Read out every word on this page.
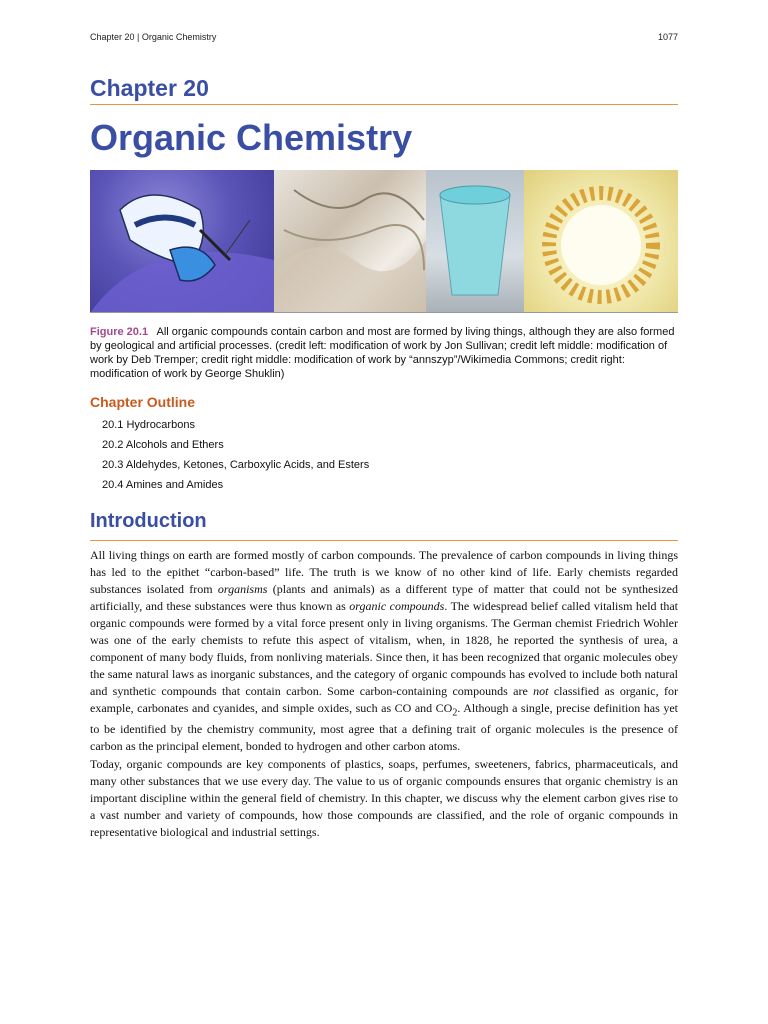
Chapter 20 | Organic Chemistry	1077
Chapter 20
Organic Chemistry
Figure 20.1 All organic compounds contain carbon and most are formed by living things, although they are also formed by geological and artificial processes. (credit left: modification of work by Jon Sullivan; credit left middle: modification of work by Deb Tremper; credit right middle: modification of work by “annszyp”/Wikimedia Commons; credit right: modification of work by George Shuklin)
Chapter Outline
20.1 Hydrocarbons
20.2 Alcohols and Ethers
20.3 Aldehydes, Ketones, Carboxylic Acids, and Esters
20.4 Amines and Amides
Introduction

All living things on earth are formed mostly of carbon compounds. The prevalence of carbon compounds in living things has led to the epithet “carbon-based” life. The truth is we know of no other kind of life. Early chemists regarded substances isolated from organisms (plants and animals) as a different type of matter that could not be synthesized artificially, and these substances were thus known as organic compounds. The widespread belief called vitalism held that organic compounds were formed by a vital force present only in living organisms. The German chemist Friedrich Wohler was one of the early chemists to refute this aspect of vitalism, when, in 1828, he reported the synthesis of urea, a component of many body fluids, from nonliving materials. Since then, it has been recognized that organic molecules obey the same natural laws as inorganic substances, and the category of organic compounds has evolved to include both natural and synthetic compounds that contain carbon. Some carbon-containing compounds are not classified as organic, for example, carbonates and cyanides, and simple oxides, such as CO and $CO_2$. Although a single, precise definition has yet to be identified by the chemistry community, most agree that a defining trait of organic molecules is the presence of carbon as the principal element, bonded to hydrogen and other carbon atoms.

Today, organic compounds are key components of plastics, soaps, perfumes, sweeteners, fabrics, pharmaceuticals, and many other substances that we use every day. The value to us of organic compounds ensures that organic chemistry is an important discipline within the general field of chemistry. In this chapter, we discuss why the element carbon gives rise to a vast number and variety of compounds, how those compounds are classified, and the role of organic compounds in representative biological and industrial settings.
